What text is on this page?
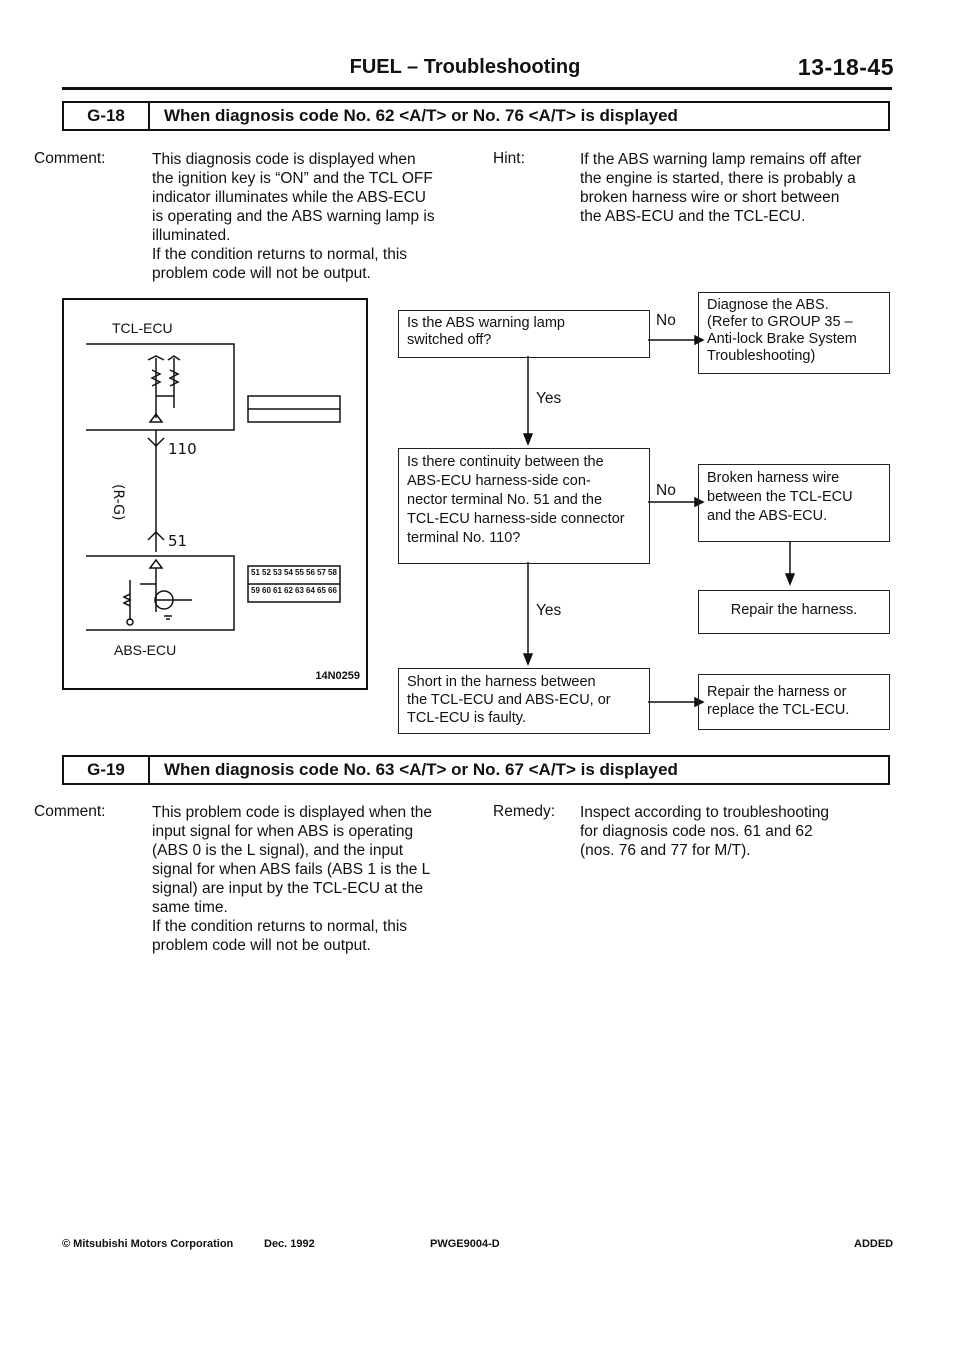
FUEL – Troubleshooting	13-18-45
G-18	When diagnosis code No. 62 <A/T> or No. 76 <A/T> is displayed
Comment:	This diagnosis code is displayed when
the ignition key is “ON” and the TCL OFF
indicator illuminates while the ABS-ECU
is operating and the ABS warning lamp is
illuminated.
If the condition returns to normal, this
problem code will not be output.
Hint:	If the ABS warning lamp remains off after
the engine is started, there is probably a
broken harness wire or short between
the ABS-ECU and the TCL-ECU.
TCL-ECU
ABS-ECU
110
51
(R-G)
51 52 53 54 55 56 57 58
59 60 61 62 63 64 65 66
14N0259
Is the ABS warning lamp
switched off?
No
Diagnose the ABS.
(Refer to GROUP 35 –
Anti-lock Brake System
Troubleshooting)
Yes
Is there continuity between the
ABS-ECU harness-side con-
nector terminal No. 51 and the
TCL-ECU harness-side connector
terminal No. 110?
No
Broken harness wire
between the TCL-ECU
and the ABS-ECU.
Repair the harness.
Yes
Short in the harness between
the TCL-ECU and ABS-ECU, or
TCL-ECU is faulty.
Repair the harness or
replace the TCL-ECU.
G-19	When diagnosis code No. 63 <A/T> or No. 67 <A/T> is displayed
Comment:	This problem code is displayed when the
input signal for when ABS is operating
(ABS 0 is the L signal), and the input
signal for when ABS fails (ABS 1 is the L
signal) are input by the TCL-ECU at the
same time.
If the condition returns to normal, this
problem code will not be output.
Remedy: Inspect according to troubleshooting
for diagnosis code nos. 61 and 62
(nos. 76 and 77 for M/T).
© Mitsubishi Motors Corporation	Dec. 1992	PWGE9004-D	ADDED
